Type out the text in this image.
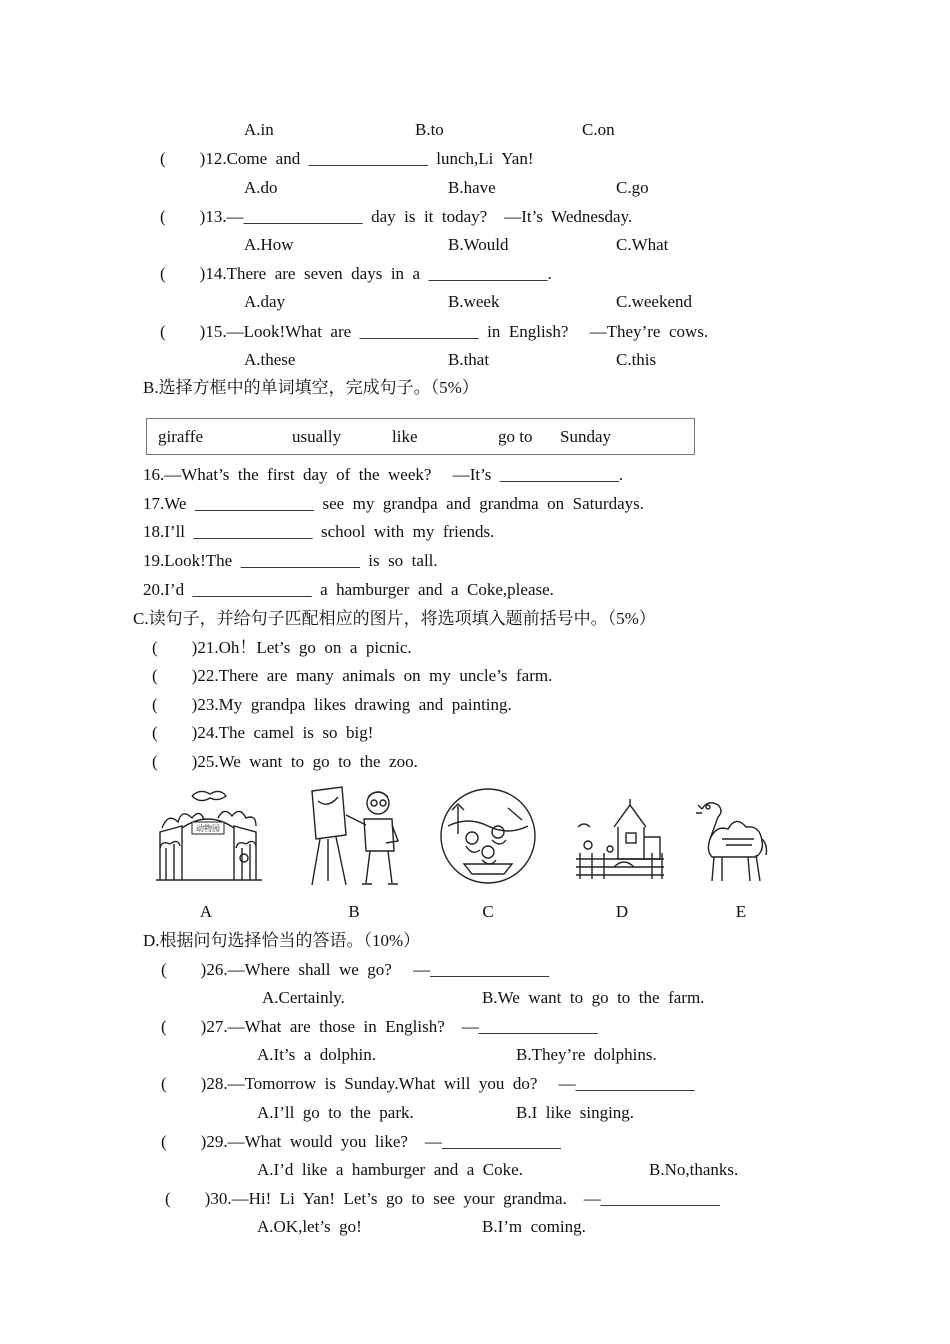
A.in	B.to	C.on
(        )12.Come  and  ______________  lunch,Li  Yan!
A.do	B.have	C.go
(        )13.—______________  day  is  it  today?    —It’s  Wednesday.
A.How	B.Would	C.What
(        )14.There  are  seven  days  in  a  ______________.
A.day	B.week	C.weekend
(        )15.—Look!What  are  ______________  in  English?     —They’re  cows.
A.these	B.that	C.this
B.选择方框中的单词填空，完成句子。（5%）
giraffe	usually	like	go to Sunday
16.—What’s  the  first  day  of  the  week?     —It’s  ______________.
17.We  ______________  see  my  grandpa  and  grandma  on  Saturdays.
18.I’ll  ______________  school  with  my  friends.
19.Look!The  ______________  is  so  tall.
20.I’d  ______________  a  hamburger  and  a  Coke,please.
C.读句子，并给句子匹配相应的图片，将选项填入题前括号中。（5%）
(        )21.Oh！Let’s  go  on  a  picnic.
(        )22.There  are  many  animals  on  my  uncle’s  farm.
(        )23.My  grandpa  likes  drawing  and  painting.
(        )24.The  camel  is  so  big!
(        )25.We  want  to  go  to  the  zoo.
动物园
A	B	C	D	E
D.根据问句选择恰当的答语。（10%）
(        )26.—Where  shall  we  go?     —______________
A.Certainly.	B.We  want  to  go  to  the  farm.
(        )27.—What  are  those  in  English?    —______________
A.It’s  a  dolphin.	B.They’re  dolphins.
(        )28.—Tomorrow  is  Sunday.What  will  you  do?     —______________
A.I’ll  go  to  the  park.	B.I  like  singing.
(        )29.—What  would  you  like?    —______________
A.I’d  like  a  hamburger  and  a  Coke.	B.No,thanks.
(        )30.—Hi!  Li  Yan!  Let’s  go  to  see  your  grandma.    —______________
A.OK,let’s  go!	B.I’m  coming.
